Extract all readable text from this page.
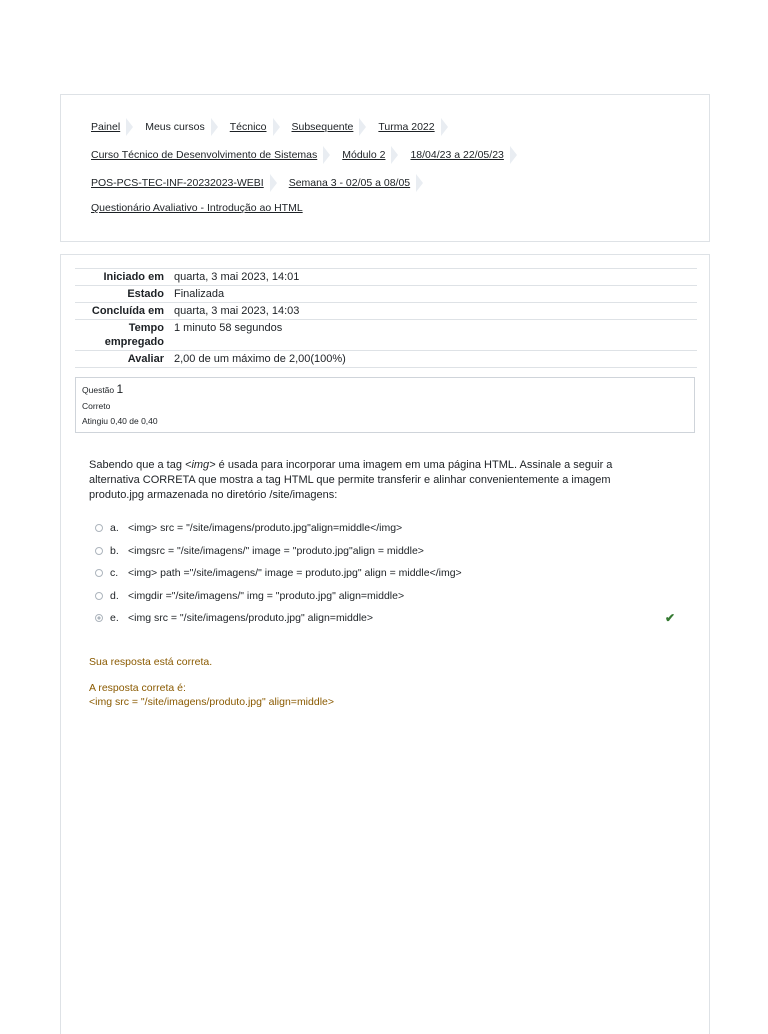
Painel Meus cursos Técnico Subsequente Turma 2022
Curso Técnico de Desenvolvimento de Sistemas Módulo 2 18/04/23 a 22/05/23
POS-PCS-TEC-INF-20232023-WEBI Semana 3 - 02/05 a 08/05
Questionário Avaliativo - Introdução ao HTML
Iniciado em quarta, 3 mai 2023, 14:01
Estado Finalizada
Concluída em quarta, 3 mai 2023, 14:03
Tempo empregado
1 minuto 58 segundos
Avaliar 2,00 de um máximo de 2,00(100%)
Questão 1
Correto
Atingiu 0,40 de 0,40
Sabendo que a tag <img> é usada para incorporar uma imagem em uma página HTML. Assinale a seguir a alternativa CORRETA que mostra a tag HTML que permite transferir e alinhar convenientemente a imagem produto.jpg armazenada no diretório /site/imagens:
a. <img> src = "/site/imagens/produto.jpg"align=middle</img>
b. <imgsrc = "/site/imagens/" image = "produto.jpg"align = middle>
c. <img> path ="/site/imagens/" image = produto.jpg" align = middle</img>
d. <imgdir ="/site/imagens/" img = "produto.jpg" align=middle>
e. <img src = "/site/imagens/produto.jpg" align=middle>	✔
Sua resposta está correta.
A resposta correta é:
<img src = "/site/imagens/produto.jpg" align=middle>
